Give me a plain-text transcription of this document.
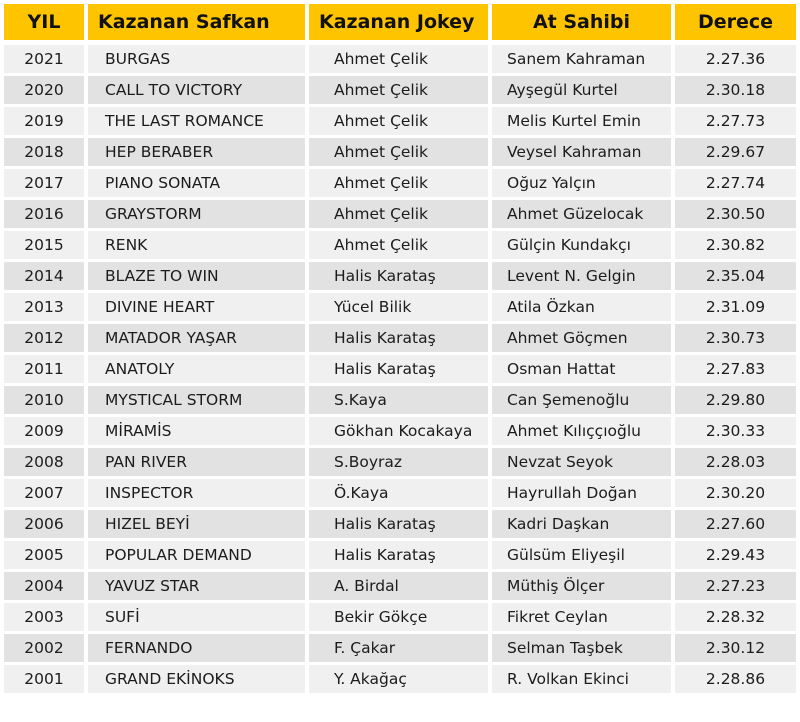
YIL	Kazanan Safkan	Kazanan Jokey	At Sahibi	Derece
2021	BURGAS	Ahmet Çelik	Sanem Kahraman	2.27.36
2020	CALL TO VICTORY	Ahmet Çelik	Ayşegül Kurtel	2.30.18
2019	THE LAST ROMANCE	Ahmet Çelik	Melis Kurtel Emin	2.27.73
2018	HEP BERABER	Ahmet Çelik	Veysel Kahraman	2.29.67
2017	PIANO SONATA	Ahmet Çelik	Oğuz Yalçın	2.27.74
2016	GRAYSTORM	Ahmet Çelik	Ahmet Güzelocak	2.30.50
2015	RENK	Ahmet Çelik	Gülçin Kundakçı	2.30.82
2014	BLAZE TO WIN	Halis Karataş	Levent N. Gelgin	2.35.04
2013	DIVINE HEART	Yücel Bilik	Atila Özkan	2.31.09
2012	MATADOR YAŞAR	Halis Karataş	Ahmet Göçmen	2.30.73
2011	ANATOLY	Halis Karataş	Osman Hattat	2.27.83
2010	MYSTICAL STORM	S.Kaya	Can Şemenoğlu	2.29.80
2009	MİRAMİS	Gökhan Kocakaya	Ahmet Kılıççıoğlu	2.30.33
2008	PAN RIVER	S.Boyraz	Nevzat Seyok	2.28.03
2007	INSPECTOR	Ö.Kaya	Hayrullah Doğan	2.30.20
2006	HIZEL BEYİ	Halis Karataş	Kadri Daşkan	2.27.60
2005	POPULAR DEMAND	Halis Karataş	Gülsüm Eliyeşil	2.29.43
2004	YAVUZ STAR	A. Birdal	Müthiş Ölçer	2.27.23
2003	SUFİ	Bekir Gökçe	Fikret Ceylan	2.28.32
2002	FERNANDO	F. Çakar	Selman Taşbek	2.30.12
2001	GRAND EKİNOKS	Y. Akağaç	R. Volkan Ekinci	2.28.86
